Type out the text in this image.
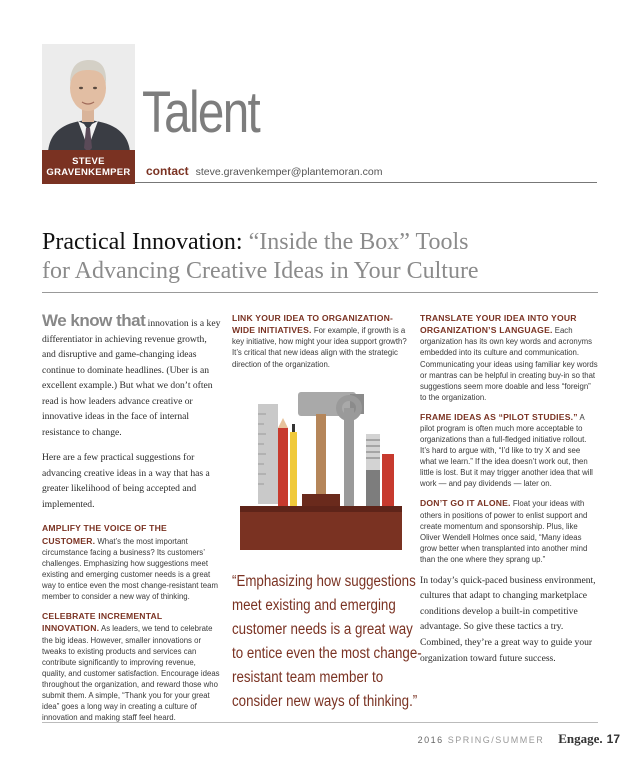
STEVE
GRAVENKEMPER
Talent
contact steve.gravenkemper@plantemoran.com
Practical Innovation: “Inside the Box” Tools
for Advancing Creative Ideas in Your Culture

We know that innovation is a key differentiator in achieving revenue growth, and disruptive and game-changing ideas continue to dominate headlines. (Uber is an excellent example.) But what we don’t often read is how leaders advance creative or innovative ideas in the face of internal resistance to change.

Here are a few practical suggestions for advancing creative ideas in a way that has a greater likelihood of being accepted and implemented.

AMPLIFY THE VOICE OF THE CUSTOMER. What’s the most important circumstance facing a business? Its customers’ challenges. Emphasizing how suggestions meet existing and emerging customer needs is a great way to entice even the most change-resistant team member to consider a new way of thinking.

CELEBRATE INCREMENTAL INNOVATION. As leaders, we tend to celebrate the big ideas. However, smaller innovations or tweaks to existing products and services can contribute significantly to improving revenue, quality, and customer satisfaction. Encourage ideas throughout the organization, and reward those who submit them. A simple, “Thank you for your great idea” goes a long way in creating a culture of innovation and making staff feel heard.

LINK YOUR IDEA TO ORGANIZATION-WIDE INITIATIVES. For example, if growth is a key initiative, how might your idea support growth? It’s critical that new ideas align with the strategic direction of the organization.

“Emphasizing how suggestions
meet existing and emerging
customer needs is a great way
to entice even the most change-
resistant team member to
consider new ways of thinking.”

TRANSLATE YOUR IDEA INTO YOUR ORGANIZATION’S LANGUAGE. Each organization has its own key words and acronyms embedded into its culture and communication. Communicating your ideas using familiar key words or mantras can be helpful in creating buy-in so that suggestions seem more doable and less “foreign” to the organization.

FRAME IDEAS AS “PILOT STUDIES.” A pilot program is often much more acceptable to organizations than a full-fledged initiative rollout. It’s hard to argue with, “I’d like to try X and see what we learn.” If the idea doesn’t work out, then little is lost. But it may trigger another idea that will work — and pay dividends — later on.

DON’T GO IT ALONE. Float your ideas with others in positions of power to enlist support and create momentum and sponsorship. Plus, like Oliver Wendell Holmes once said, “Many ideas grow better when transplanted into another mind than the one where they sprang up.”

In today’s quick-paced business environment, cultures that adapt to changing marketplace conditions develop a built-in competitive advantage. So give these tactics a try. Combined, they’re a great way to guide your organization toward future success.

2016 SPRING/SUMMER Engage. 17
